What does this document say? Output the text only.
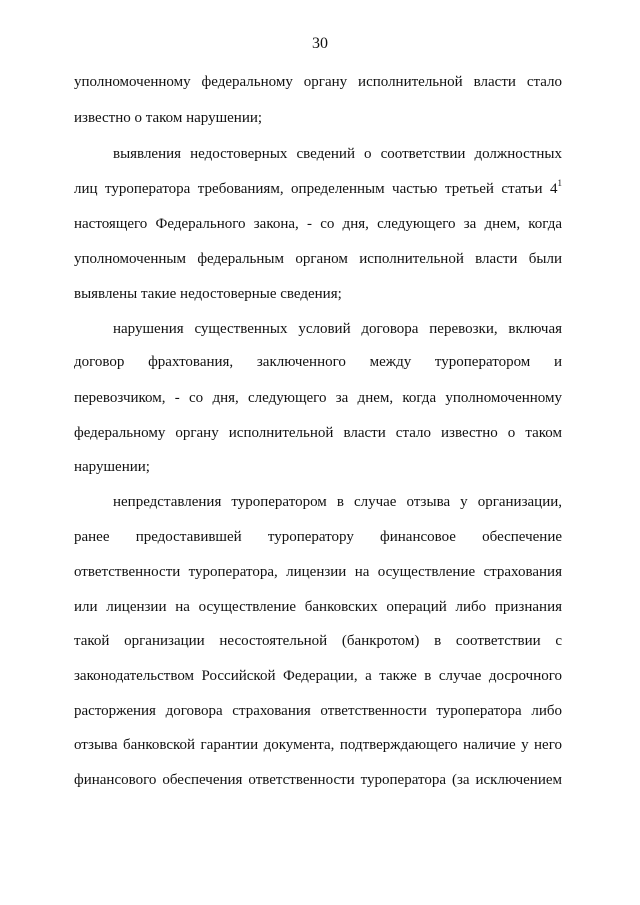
30
уполномоченному федеральному органу исполнительной власти стало
известно о таком нарушении;
выявления недостоверных сведений о соответствии должностных
лиц туроператора требованиям, определенным частью третьей статьи $4^1$
настоящего Федерального закона, - со дня, следующего за днем, когда
уполномоченным федеральным органом исполнительной власти были
выявлены такие недостоверные сведения;
нарушения существенных условий договора перевозки, включая
договор фрахтования, заключенного между туроператором и
перевозчиком, - со дня, следующего за днем, когда уполномоченному
федеральному органу исполнительной власти стало известно о таком
нарушении;
непредставления туроператором в случае отзыва у организации,
ранее предоставившей туроператору финансовое обеспечение
ответственности туроператора, лицензии на осуществление страхования
или лицензии на осуществление банковских операций либо признания
такой организации несостоятельной (банкротом) в соответствии с
законодательством Российской Федерации, а также в случае досрочного
расторжения договора страхования ответственности туроператора либо
отзыва банковской гарантии документа, подтверждающего наличие у него
финансового обеспечения ответственности туроператора (за исключением
